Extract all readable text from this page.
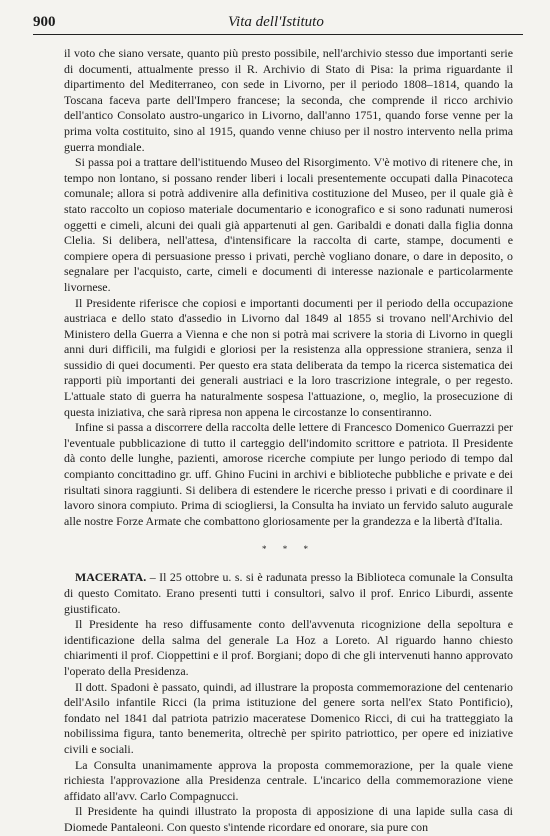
900	Vita dell'Istituto

il voto che siano versate, quanto più presto possibile, nell'archivio stesso due importanti serie di documenti, attualmente presso il R. Archivio di Stato di Pisa: la prima riguardante il dipartimento del Mediterraneo, con sede in Livorno, per il periodo 1808–1814, quando la Toscana faceva parte dell'Impero francese; la seconda, che comprende il ricco archivio dell'antico Consolato austro-ungarico in Livorno, dall'anno 1751, quando forse venne per la prima volta costituito, sino al 1915, quando venne chiuso per il nostro intervento nella prima guerra mondiale.

Si passa poi a trattare dell'istituendo Museo del Risorgimento. V'è motivo di ritenere che, in tempo non lontano, si possano render liberi i locali presentemente occupati dalla Pinacoteca comunale; allora si potrà addivenire alla definitiva costituzione del Museo, per il quale già è stato raccolto un copioso materiale documentario e iconografico e si sono radunati numerosi oggetti e cimeli, alcuni dei quali già appartenuti al gen. Garibaldi e donati dalla figlia donna Clelia. Si delibera, nell'attesa, d'intensificare la raccolta di carte, stampe, documenti e compiere opera di persuasione presso i privati, perchè vogliano donare, o dare in deposito, o segnalare per l'acquisto, carte, cimeli e documenti di interesse nazionale e particolarmente livornese.

Il Presidente riferisce che copiosi e importanti documenti per il periodo della occupazione austriaca e dello stato d'assedio in Livorno dal 1849 al 1855 si trovano nell'Archivio del Ministero della Guerra a Vienna e che non si potrà mai scrivere la storia di Livorno in quegli anni duri difficili, ma fulgidi e gloriosi per la resistenza alla oppressione straniera, senza il sussidio di quei documenti. Per questo era stata deliberata da tempo la ricerca sistematica dei rapporti più importanti dei generali austriaci e la loro trascrizione integrale, o per regesto. L'attuale stato di guerra ha naturalmente sospesa l'attuazione, o, meglio, la prosecuzione di questa iniziativa, che sarà ripresa non appena le circostanze lo consentiranno.

Infine si passa a discorrere della raccolta delle lettere di Francesco Domenico Guerrazzi per l'eventuale pubblicazione di tutto il carteggio dell'indomito scrittore e patriota. Il Presidente dà conto delle lunghe, pazienti, amorose ricerche compiute per lungo periodo di tempo dal compianto concittadino gr. uff. Ghino Fucini in archivi e biblioteche pubbliche e private e dei risultati sinora raggiunti. Si delibera di estendere le ricerche presso i privati e di coordinare il lavoro sinora compiuto. Prima di sciogliersi, la Consulta ha inviato un fervido saluto augurale alle nostre Forze Armate che combattono gloriosamente per la grandezza e la libertà d'Italia.

* * *

MACERATA. – Il 25 ottobre u. s. si è radunata presso la Biblioteca comunale la Consulta di questo Comitato. Erano presenti tutti i consultori, salvo il prof. Enrico Liburdi, assente giustificato.

Il Presidente ha reso diffusamente conto dell'avvenuta ricognizione della sepoltura e identificazione della salma del generale La Hoz a Loreto. Al riguardo hanno chiesto chiarimenti il prof. Cioppettini e il prof. Borgiani; dopo di che gli intervenuti hanno approvato l'operato della Presidenza.

Il dott. Spadoni è passato, quindi, ad illustrare la proposta commemorazione del centenario dell'Asilo infantile Ricci (la prima istituzione del genere sorta nell'ex Stato Pontificio), fondato nel 1841 dal patriota patrizio maceratese Domenico Ricci, di cui ha tratteggiato la nobilissima figura, tanto benemerita, oltrechè per spirito patriottico, per opere ed iniziative civili e sociali.

La Consulta unanimamente approva la proposta commemorazione, per la quale viene richiesta l'approvazione alla Presidenza centrale. L'incarico della commemorazione viene affidato all'avv. Carlo Compagnucci.

Il Presidente ha quindi illustrato la proposta di apposizione di una lapide sulla casa di Diomede Pantaleoni. Con questo s'intende ricordare ed onorare, sia pure con
